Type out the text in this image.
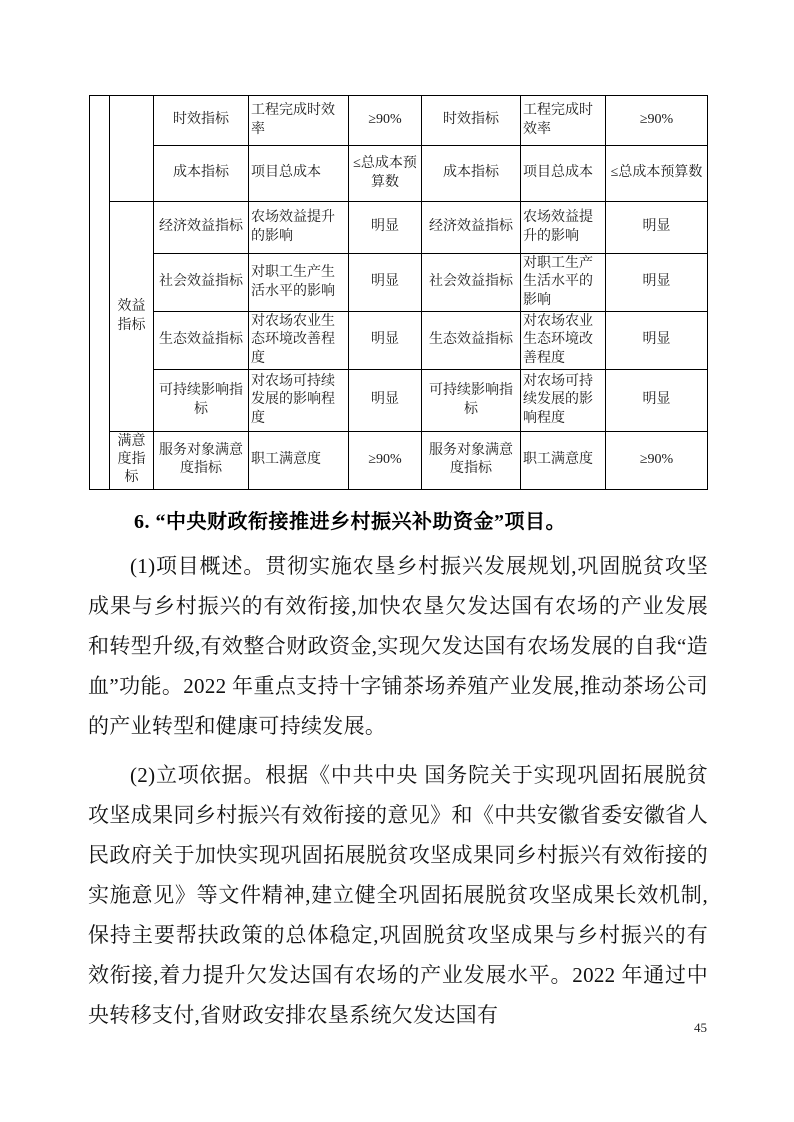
		时效指标	工程完成时效率	≥90%	时效指标	工程完成时效率	≥90%
		成本指标	项目总成本	≤总成本预算数	成本指标	项目总成本	≤总成本预算数
	效益指标	经济效益指标	农场效益提升的影响	明显	经济效益指标	农场效益提升的影响	明显
		社会效益指标	对职工生产生活水平的影响	明显	社会效益指标	对职工生产生活水平的影响	明显
		生态效益指标	对农场农业生态环境改善程度	明显	生态效益指标	对农场农业生态环境改善程度	明显
		可持续影响指标	对农场可持续发展的影响程度	明显	可持续影响指标	对农场可持续发展的影响程度	明显
	满意度指标	服务对象满意度指标	职工满意度	≥90%	服务对象满意度指标	职工满意度	≥90%
6. “中央财政衔接推进乡村振兴补助资金”项目。

(1)项目概述。贯彻实施农垦乡村振兴发展规划,巩固脱贫攻坚成果与乡村振兴的有效衔接,加快农垦欠发达国有农场的产业发展和转型升级,有效整合财政资金,实现欠发达国有农场发展的自我“造血”功能。2022 年重点支持十字铺茶场养殖产业发展,推动茶场公司的产业转型和健康可持续发展。

(2)立项依据。根据《中共中央 国务院关于实现巩固拓展脱贫攻坚成果同乡村振兴有效衔接的意见》和《中共安徽省委安徽省人民政府关于加快实现巩固拓展脱贫攻坚成果同乡村振兴有效衔接的实施意见》等文件精神,建立健全巩固拓展脱贫攻坚成果长效机制,保持主要帮扶政策的总体稳定,巩固脱贫攻坚成果与乡村振兴的有效衔接,着力提升欠发达国有农场的产业发展水平。2022 年通过中央转移支付,省财政安排农垦系统欠发达国有

45
